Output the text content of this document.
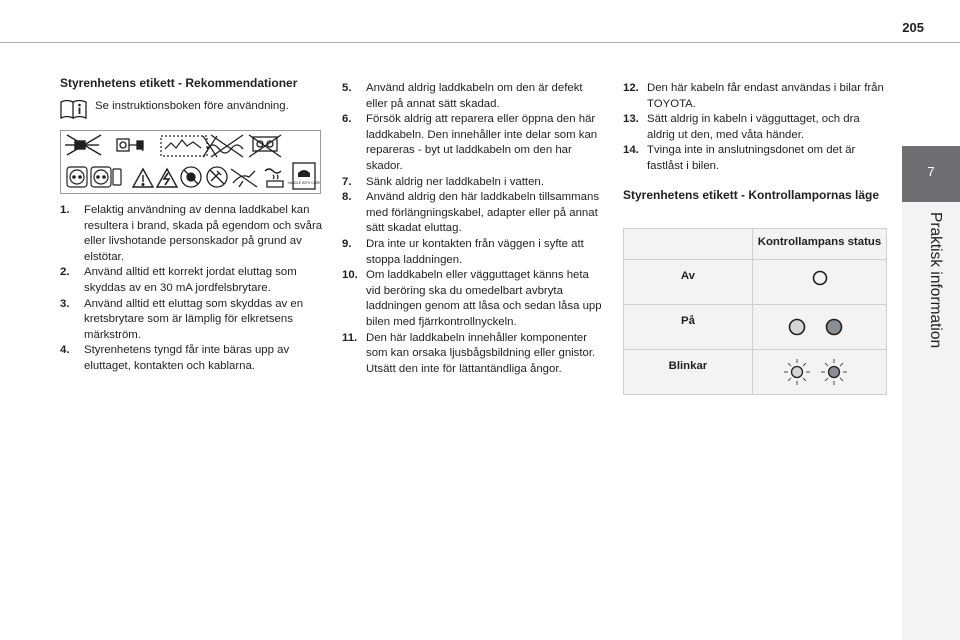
205
7
Praktisk information
Styrenhetens etikett - Rekommendationer
Se instruktionsboken före användning.
HANDLE WITH CARE
1. Felaktig användning av denna laddkabel kan resultera i brand, skada på egendom och svåra eller livshotande personskador på grund av elstötar.
2. Använd alltid ett korrekt jordat eluttag som skyddas av en 30 mA jordfelsbrytare.
3. Använd alltid ett eluttag som skyddas av en kretsbrytare som är lämplig för elkretsens märkström.
4. Styrenhetens tyngd får inte bäras upp av eluttaget, kontakten och kablarna.
5. Använd aldrig laddkabeln om den är defekt eller på annat sätt skadad.
6. Försök aldrig att reparera eller öppna den här laddkabeln. Den innehåller inte delar som kan repareras - byt ut laddkabeln om den har skador.
7. Sänk aldrig ner laddkabeln i vatten.
8. Använd aldrig den här laddkabeln tillsammans med förlängningskabel, adapter eller på annat sätt skadat eluttag.
9. Dra inte ur kontakten från väggen i syfte att stoppa laddningen.
10. Om laddkabeln eller vägguttaget känns heta vid beröring ska du omedelbart avbryta laddningen genom att låsa och sedan låsa upp bilen med fjärrkontrollnyckeln.
11. Den här laddkabeln innehåller komponenter som kan orsaka ljusbågsbildning eller gnistor. Utsätt den inte för lättantändliga ångor.
12. Den här kabeln får endast användas i bilar från TOYOTA.
13. Sätt aldrig in kabeln i vägguttaget, och dra aldrig ut den, med våta händer.
14. Tvinga inte in anslutningsdonet om det är fastlåst i bilen.
Styrenhetens etikett - Kontrollampornas läge
	Kontrollampans status
Av	

På	

Blinkar	
